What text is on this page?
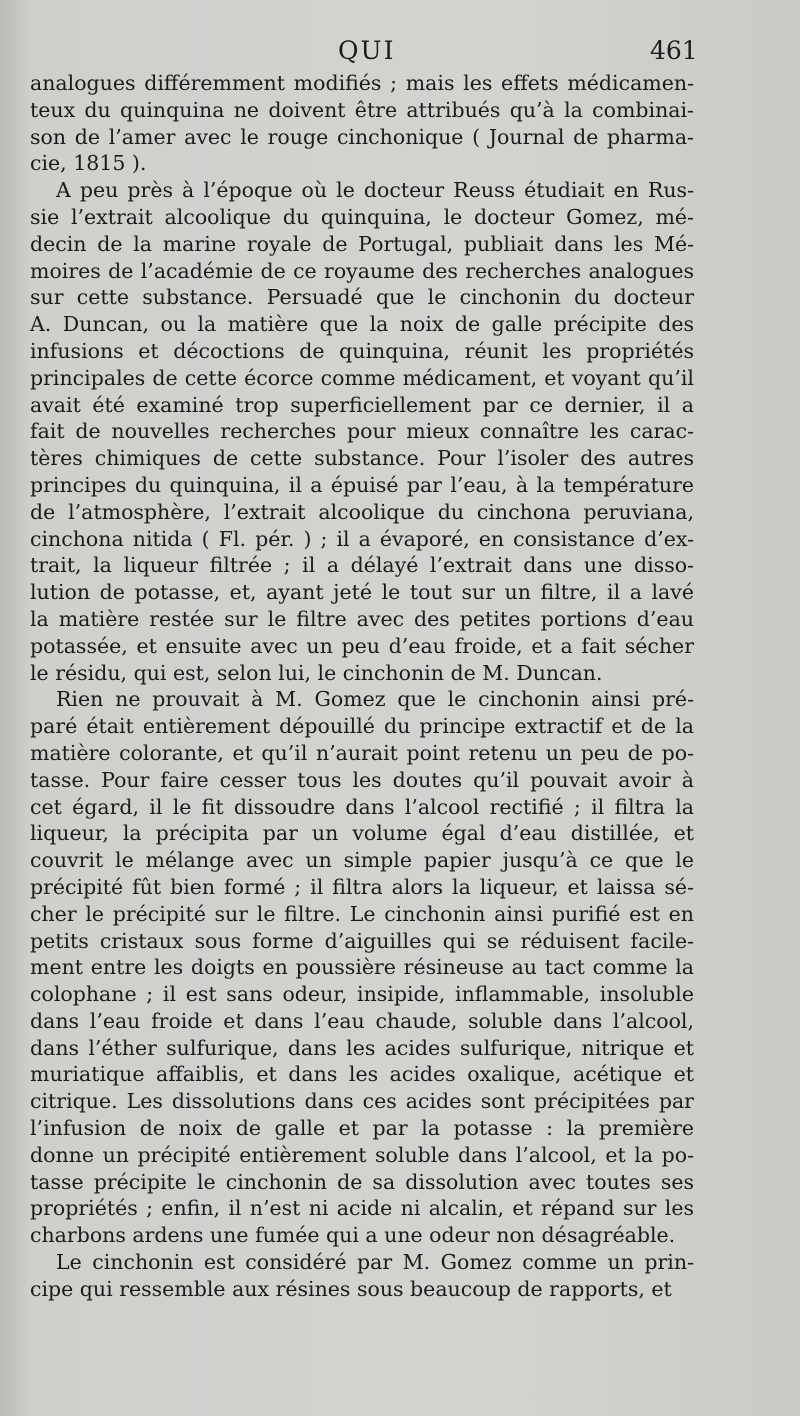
QUI	461
analogues différemment modifiés ; mais les effets médicamen-
teux du quinquina ne doivent être attribués qu’à la combinai-
son de l’amer avec le rouge cinchonique ( Journal de pharma-
cie, 1815 ).
A peu près à l’époque où le docteur Reuss étudiait en Rus-
sie l’extrait alcoolique du quinquina, le docteur Gomez, mé-
decin de la marine royale de Portugal, publiait dans les Mé-
moires de l’académie de ce royaume des recherches analogues
sur cette substance. Persuadé que le cinchonin du docteur
A. Duncan, ou la matière que la noix de galle précipite des
infusions et décoctions de quinquina, réunit les propriétés
principales de cette écorce comme médicament, et voyant qu’il
avait été examiné trop superficiellement par ce dernier, il a
fait de nouvelles recherches pour mieux connaître les carac-
tères chimiques de cette substance. Pour l’isoler des autres
principes du quinquina, il a épuisé par l’eau, à la température
de l’atmosphère, l’extrait alcoolique du cinchona peruviana,
cinchona nitida ( Fl. pér. ) ; il a évaporé, en consistance d’ex-
trait, la liqueur filtrée ; il a délayé l’extrait dans une disso-
lution de potasse, et, ayant jeté le tout sur un filtre, il a lavé
la matière restée sur le filtre avec des petites portions d’eau
potassée, et ensuite avec un peu d’eau froide, et a fait sécher
le résidu, qui est, selon lui, le cinchonin de M. Duncan.
Rien ne prouvait à M. Gomez que le cinchonin ainsi pré-
paré était entièrement dépouillé du principe extractif et de la
matière colorante, et qu’il n’aurait point retenu un peu de po-
tasse. Pour faire cesser tous les doutes qu’il pouvait avoir à
cet égard, il le fit dissoudre dans l’alcool rectifié ; il filtra la
liqueur, la précipita par un volume égal d’eau distillée, et
couvrit le mélange avec un simple papier jusqu’à ce que le
précipité fût bien formé ; il filtra alors la liqueur, et laissa sé-
cher le précipité sur le filtre. Le cinchonin ainsi purifié est en
petits cristaux sous forme d’aiguilles qui se réduisent facile-
ment entre les doigts en poussière résineuse au tact comme la
colophane ; il est sans odeur, insipide, inflammable, insoluble
dans l’eau froide et dans l’eau chaude, soluble dans l’alcool,
dans l’éther sulfurique, dans les acides sulfurique, nitrique et
muriatique affaiblis, et dans les acides oxalique, acétique et
citrique. Les dissolutions dans ces acides sont précipitées par
l’infusion de noix de galle et par la potasse : la première
donne un précipité entièrement soluble dans l’alcool, et la po-
tasse précipite le cinchonin de sa dissolution avec toutes ses
propriétés ; enfin, il n’est ni acide ni alcalin, et répand sur les
charbons ardens une fumée qui a une odeur non désagréable.
Le cinchonin est considéré par M. Gomez comme un prin-
cipe qui ressemble aux résines sous beaucoup de rapports, et
